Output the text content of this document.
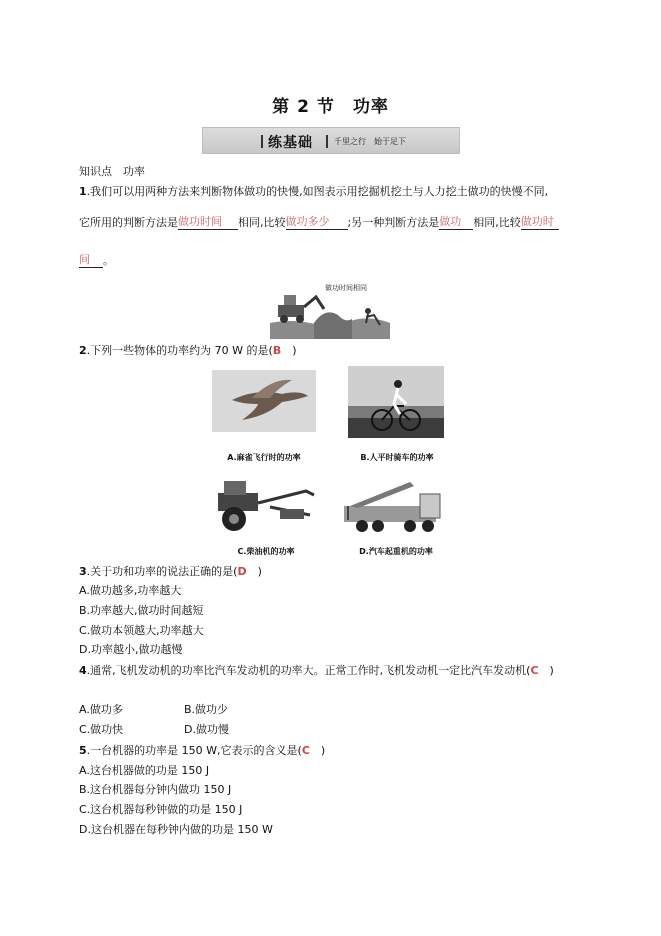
第 2 节　功率
练基础	千里之行　始于足下
知识点　功率
1.我们可以用两种方法来判断物体做功的快慢,如图表示用挖掘机挖土与人力挖土做功的快慢不同,
它所用的判断方法是做功时间 相同,比较做功多少 ;另一种判断方法是做功 相同,比较做功时
间 。
做功时间相同
2.下列一些物体的功率约为 70 W 的是(B　)
A.麻雀飞行时的功率	B.人平时骑车的功率
C.柴油机的功率	D.汽车起重机的功率
3.关于功和功率的说法正确的是(D　)
A.做功越多,功率越大
B.功率越大,做功时间越短
C.做功本领越大,功率越大
D.功率越小,做功越慢
4.通常,飞机发动机的功率比汽车发动机的功率大。正常工作时,飞机发动机一定比汽车发动机(C　)
A.做功多	B.做功少
C.做功快	D.做功慢
5.一台机器的功率是 150 W,它表示的含义是(C　)
A.这台机器做的功是 150 J
B.这台机器每分钟内做功 150 J
C.这台机器每秒钟做的功是 150 J
D.这台机器在每秒钟内做的功是 150 W
